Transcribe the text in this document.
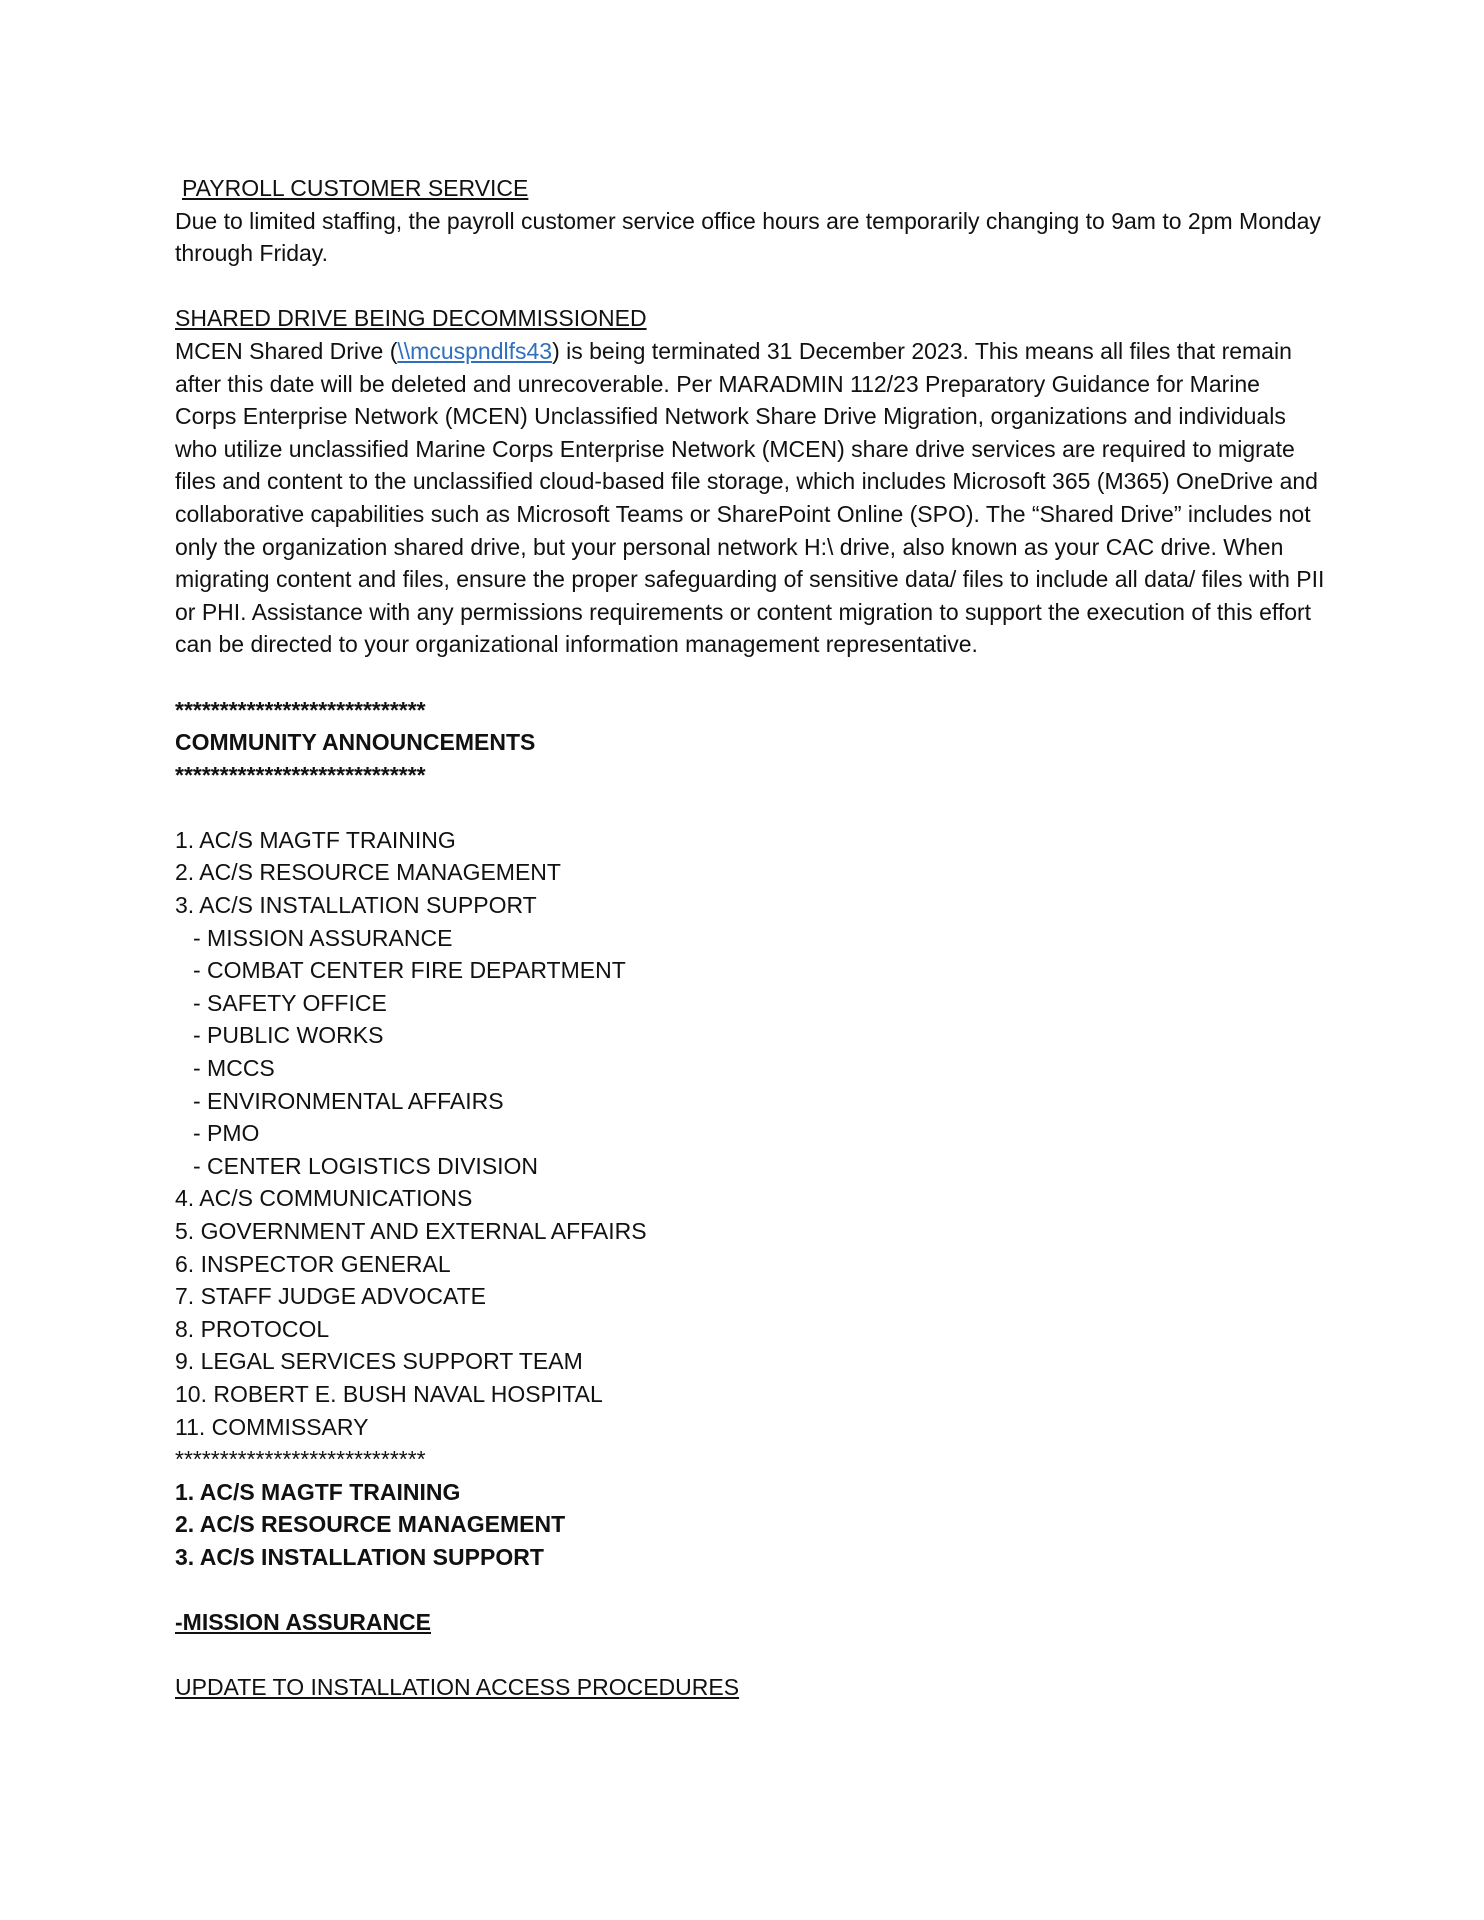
PAYROLL CUSTOMER SERVICE

Due to limited staffing, the payroll customer service office hours are temporarily changing to 9am to 2pm Monday through Friday.

SHARED DRIVE BEING DECOMMISSIONED

MCEN Shared Drive (\\mcuspndlfs43) is being terminated 31 December 2023. This means all files that remain after this date will be deleted and unrecoverable. Per MARADMIN 112/23 Preparatory Guidance for Marine Corps Enterprise Network (MCEN) Unclassified Network Share Drive Migration, organizations and individuals who utilize unclassified Marine Corps Enterprise Network (MCEN) share drive services are required to migrate files and content to the unclassified cloud-based file storage, which includes Microsoft 365 (M365) OneDrive and collaborative capabilities such as Microsoft Teams or SharePoint Online (SPO). The “Shared Drive” includes not only the organization shared drive, but your personal network H:\ drive, also known as your CAC drive. When migrating content and files, ensure the proper safeguarding of sensitive data/ files to include all data/ files with PII or PHI. Assistance with any permissions requirements or content migration to support the execution of this effort can be directed to your organizational information management representative.

****************************

COMMUNITY ANNOUNCEMENTS

****************************

1. AC/S MAGTF TRAINING

2. AC/S RESOURCE MANAGEMENT

3. AC/S INSTALLATION SUPPORT

- MISSION ASSURANCE

- COMBAT CENTER FIRE DEPARTMENT

- SAFETY OFFICE

- PUBLIC WORKS

- MCCS

- ENVIRONMENTAL AFFAIRS

- PMO

- CENTER LOGISTICS DIVISION

4. AC/S COMMUNICATIONS

5. GOVERNMENT AND EXTERNAL AFFAIRS

6. INSPECTOR GENERAL

7. STAFF JUDGE ADVOCATE

8. PROTOCOL

9. LEGAL SERVICES SUPPORT TEAM

10. ROBERT E. BUSH NAVAL HOSPITAL

11. COMMISSARY

****************************

1. AC/S MAGTF TRAINING

2. AC/S RESOURCE MANAGEMENT

3. AC/S INSTALLATION SUPPORT

-MISSION ASSURANCE

UPDATE TO INSTALLATION ACCESS PROCEDURES
